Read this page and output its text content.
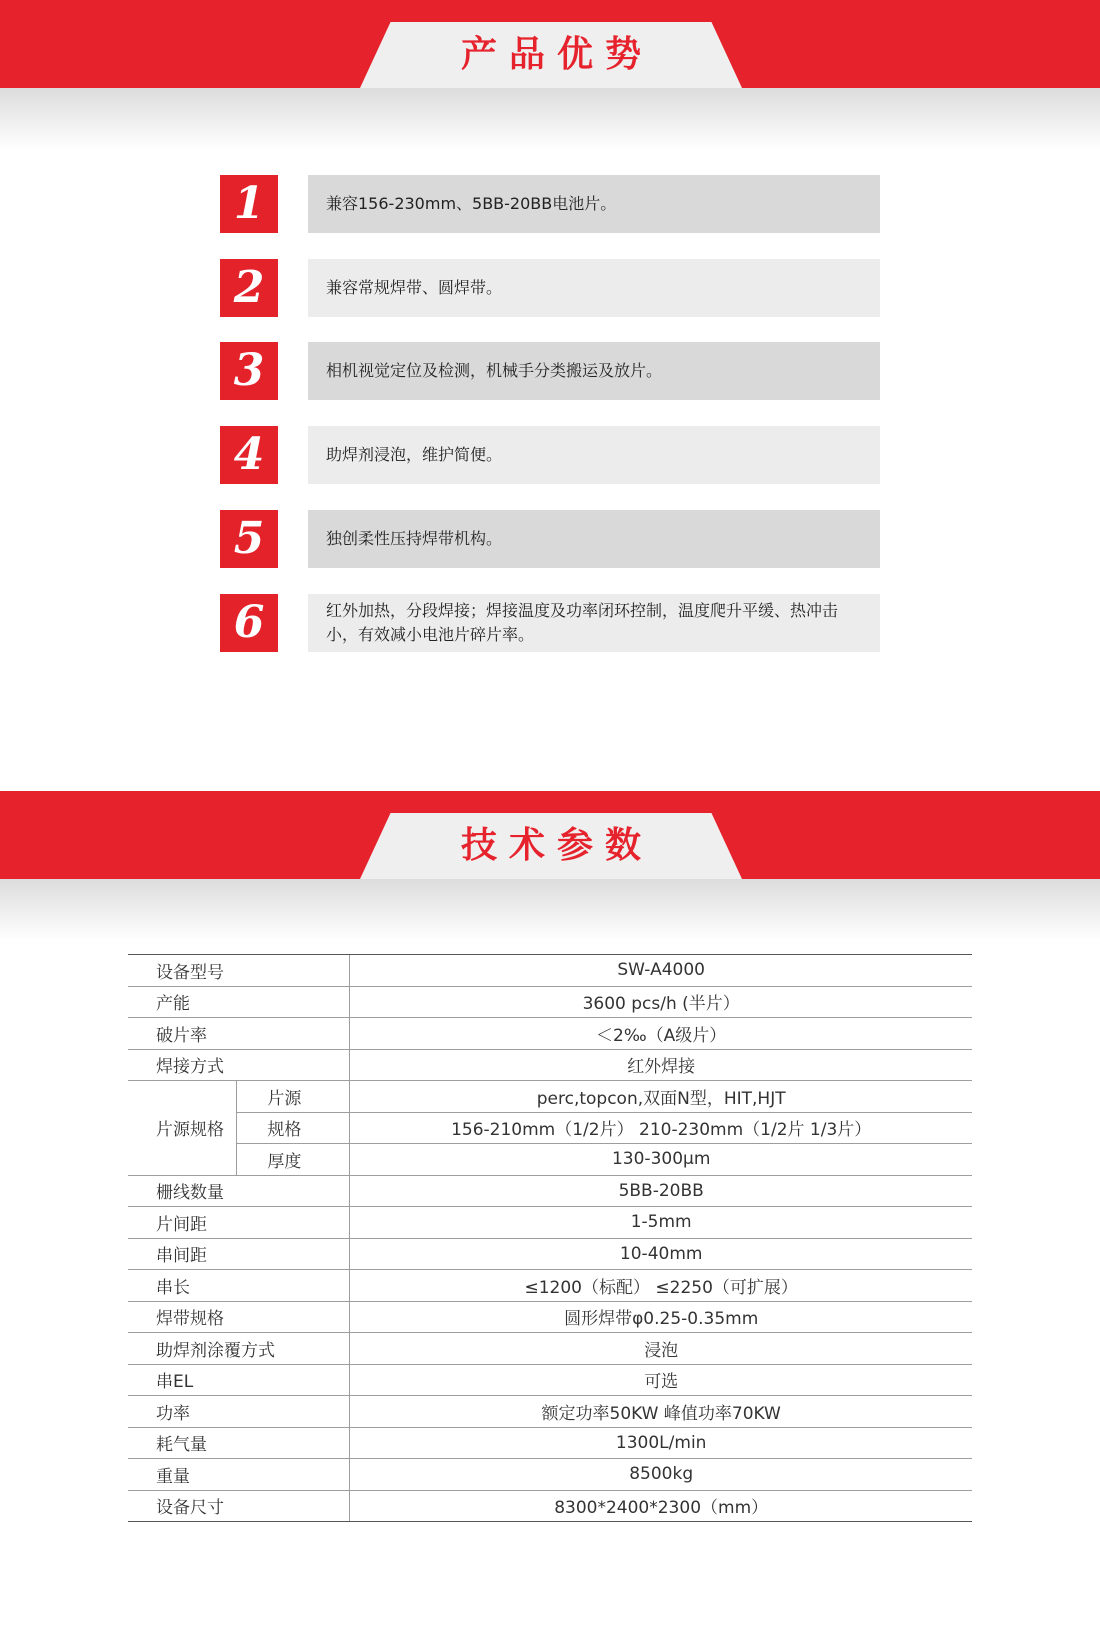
产品优势
1	兼容156-230mm、5BB-20BB电池片。
2	兼容常规焊带、圆焊带。
3	相机视觉定位及检测，机械手分类搬运及放片。
4	助焊剂浸泡，维护简便。
5	独创柔性压持焊带机构。
6	红外加热，分段焊接；焊接温度及功率闭环控制，温度爬升平缓、热冲击小，有效减小电池片碎片率。
技术参数
设备型号		SW-A4000
产能		3600 pcs/h (半片）
破片率		＜2‰（A级片）
焊接方式		红外焊接
片源规格	片源	perc,topcon,双面N型，HIT,HJT
	规格	156-210mm（1/2片） 210-230mm（1/2片 1/3片）
	厚度	130-300μm
栅线数量		5BB-20BB
片间距		1-5mm
串间距		10-40mm
串长		≤1200（标配） ≤2250（可扩展）
焊带规格		圆形焊带φ0.25-0.35mm
助焊剂涂覆方式		浸泡
串EL		可选
功率		额定功率50KW 峰值功率70KW
耗气量		1300L/min
重量		8500kg
设备尺寸		8300*2400*2300（mm）
